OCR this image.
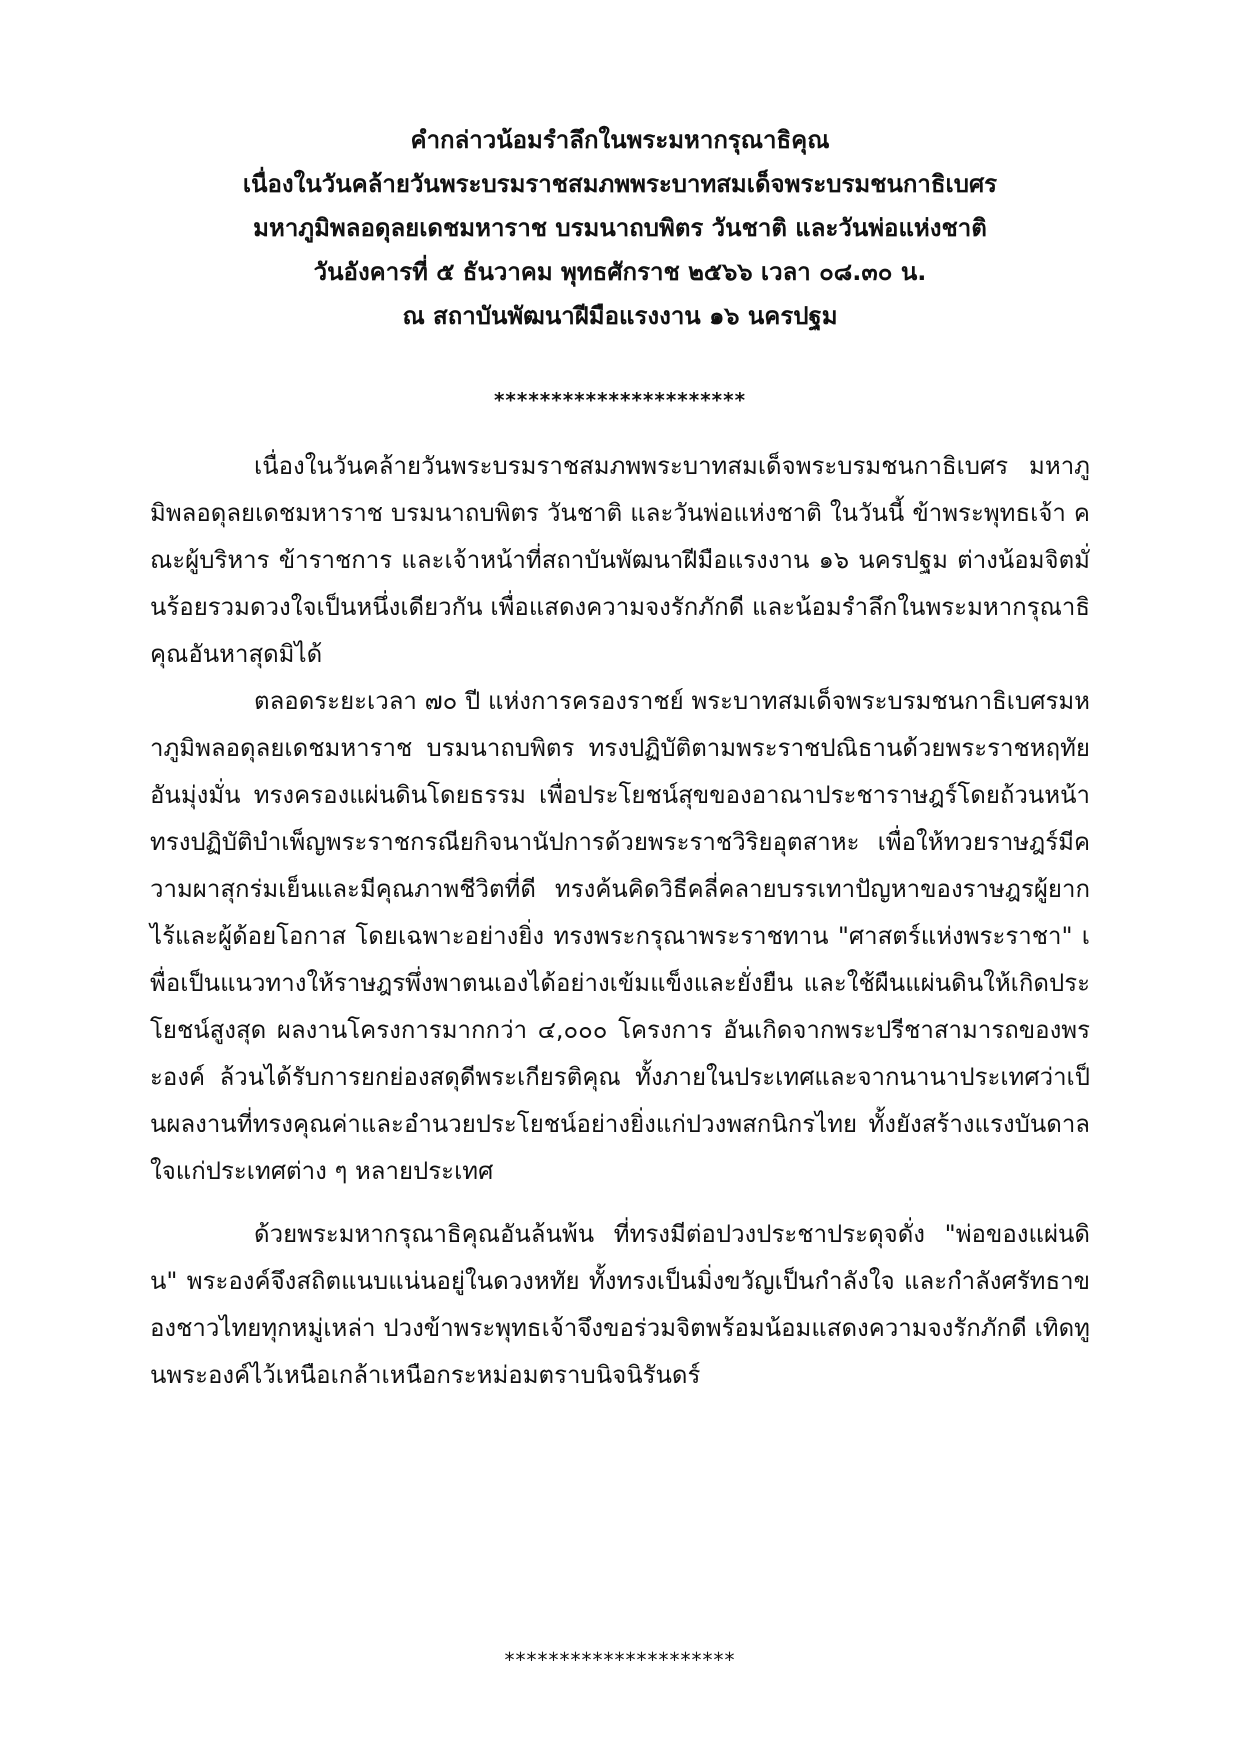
คำกล่าวน้อมรำลึกในพระมหากรุณาธิคุณ
เนื่องในวันคล้ายวันพระบรมราชสมภพพระบาทสมเด็จพระบรมชนกาธิเบศร
มหาภูมิพลอดุลยเดชมหาราช บรมนาถบพิตร วันชาติ และวันพ่อแห่งชาติ
วันอังคารที่ ๕ ธันวาคม พุทธศักราช ๒๕๖๖ เวลา ๐๘.๓๐ น.
ณ สถาบันพัฒนาฝีมือแรงงาน ๑๖ นครปฐม
**********************

เนื่องในวันคล้ายวันพระบรมราชสมภพพระบาทสมเด็จพระบรมชนกาธิเบศร มหาภูมิพลอดุลยเดชมหาราช บรมนาถบพิตร วันชาติ และวันพ่อแห่งชาติ ในวันนี้ ข้าพระพุทธเจ้า คณะผู้บริหาร ข้าราชการ และเจ้าหน้าที่สถาบันพัฒนาฝีมือแรงงาน ๑๖ นครปฐม ต่างน้อมจิตมั่นร้อยรวมดวงใจเป็นหนึ่งเดียวกัน เพื่อแสดงความจงรักภักดี และน้อมรำลึกในพระมหากรุณาธิคุณอันหาสุดมิได้

ตลอดระยะเวลา ๗๐ ปี แห่งการครองราชย์ พระบาทสมเด็จพระบรมชนกาธิเบศรมหาภูมิพลอดุลยเดชมหาราช บรมนาถบพิตร ทรงปฏิบัติตามพระราชปณิธานด้วยพระราชหฤทัยอันมุ่งมั่น ทรงครองแผ่นดินโดยธรรม เพื่อประโยชน์สุขของอาณาประชาราษฎร์โดยถ้วนหน้าทรงปฏิบัติบำเพ็ญพระราชกรณียกิจนานัปการด้วยพระราชวิริยอุตสาหะ เพื่อให้ทวยราษฎร์มีความผาสุกร่มเย็นและมีคุณภาพชีวิตที่ดี ทรงค้นคิดวิธีคลี่คลายบรรเทาปัญหาของราษฎรผู้ยากไร้และผู้ด้อยโอกาส โดยเฉพาะอย่างยิ่ง ทรงพระกรุณาพระราชทาน "ศาสตร์แห่งพระราชา" เพื่อเป็นแนวทางให้ราษฎรพึ่งพาตนเองได้อย่างเข้มแข็งและยั่งยืน และใช้ผืนแผ่นดินให้เกิดประโยชน์สูงสุด ผลงานโครงการมากกว่า ๔,๐๐๐ โครงการ อันเกิดจากพระปรีชาสามารถของพระองค์ ล้วนได้รับการยกย่องสดุดีพระเกียรติคุณ ทั้งภายในประเทศและจากนานาประเทศว่าเป็นผลงานที่ทรงคุณค่าและอำนวยประโยชน์อย่างยิ่งแก่ปวงพสกนิกรไทย ทั้งยังสร้างแรงบันดาลใจแก่ประเทศต่าง ๆ หลายประเทศ

ด้วยพระมหากรุณาธิคุณอันล้นพ้น ที่ทรงมีต่อปวงประชาประดุจดั่ง "พ่อของแผ่นดิน" พระองค์จึงสถิตแนบแน่นอยู่ในดวงหทัย ทั้งทรงเป็นมิ่งขวัญเป็นกำลังใจ และกำลังศรัทธาของชาวไทยทุกหมู่เหล่า ปวงข้าพระพุทธเจ้าจึงขอร่วมจิตพร้อมน้อมแสดงความจงรักภักดี เทิดทูนพระองค์ไว้เหนือเกล้าเหนือกระหม่อมตราบนิจนิรันดร์

*********************
